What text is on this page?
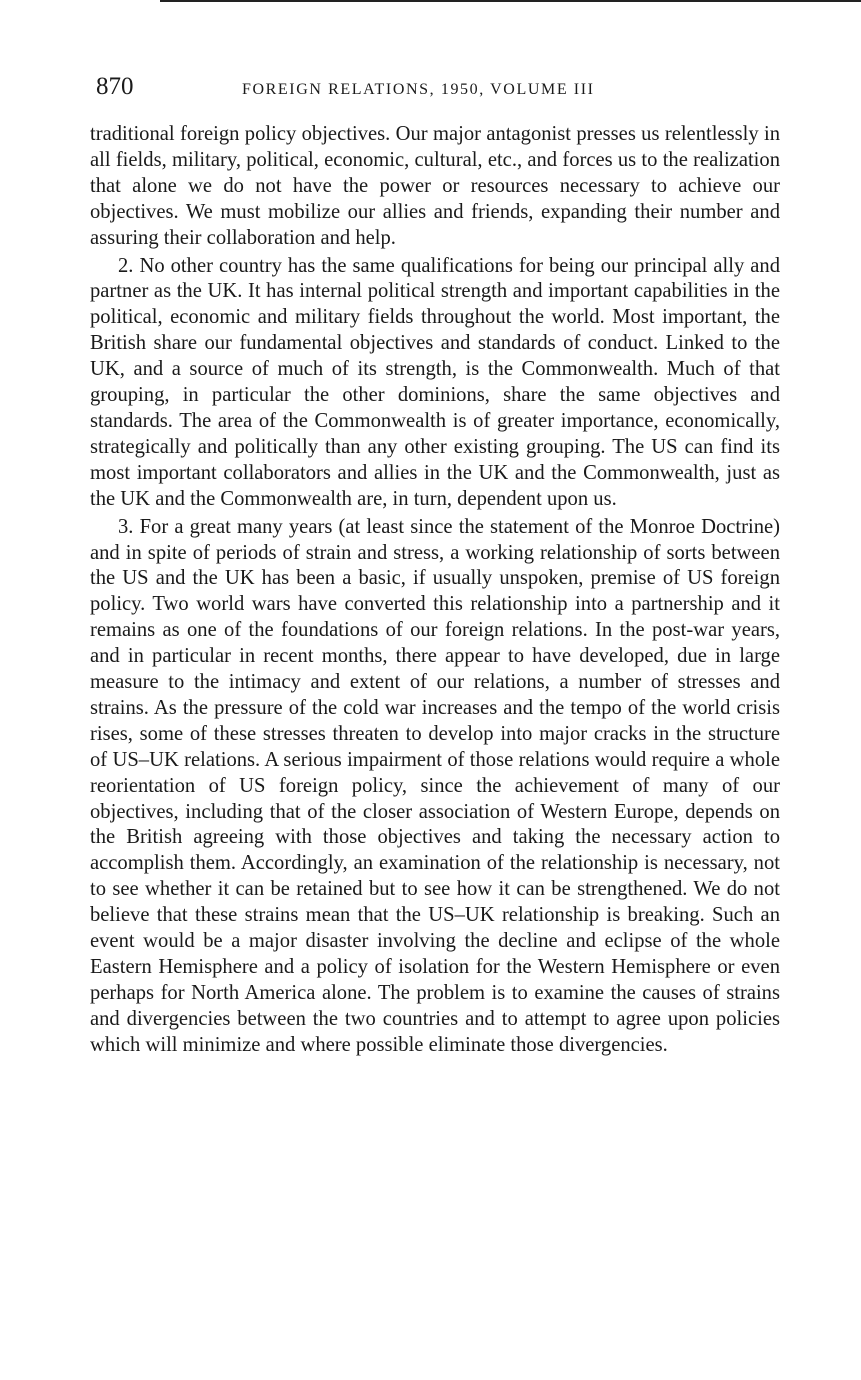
870	FOREIGN RELATIONS, 1950, VOLUME III

traditional foreign policy objectives. Our major antagonist presses us relentlessly in all fields, military, political, economic, cultural, etc., and forces us to the realization that alone we do not have the power or resources necessary to achieve our objectives. We must mobilize our allies and friends, expanding their number and assuring their collaboration and help.

2. No other country has the same qualifications for being our principal ally and partner as the UK. It has internal political strength and important capabilities in the political, economic and military fields throughout the world. Most important, the British share our fundamental objectives and standards of conduct. Linked to the UK, and a source of much of its strength, is the Commonwealth. Much of that grouping, in particular the other dominions, share the same objectives and standards. The area of the Commonwealth is of greater importance, economically, strategically and politically than any other existing grouping. The US can find its most important collaborators and allies in the UK and the Commonwealth, just as the UK and the Commonwealth are, in turn, dependent upon us.

3. For a great many years (at least since the statement of the Monroe Doctrine) and in spite of periods of strain and stress, a working relationship of sorts between the US and the UK has been a basic, if usually unspoken, premise of US foreign policy. Two world wars have converted this relationship into a partnership and it remains as one of the foundations of our foreign relations. In the post-war years, and in particular in recent months, there appear to have developed, due in large measure to the intimacy and extent of our relations, a number of stresses and strains. As the pressure of the cold war increases and the tempo of the world crisis rises, some of these stresses threaten to develop into major cracks in the structure of US–UK relations. A serious impairment of those relations would require a whole reorientation of US foreign policy, since the achievement of many of our objectives, including that of the closer association of Western Europe, depends on the British agreeing with those objectives and taking the necessary action to accomplish them. Accordingly, an examination of the relationship is necessary, not to see whether it can be retained but to see how it can be strengthened. We do not believe that these strains mean that the US–UK relationship is breaking. Such an event would be a major disaster involving the decline and eclipse of the whole Eastern Hemisphere and a policy of isolation for the Western Hemisphere or even perhaps for North America alone. The problem is to examine the causes of strains and divergencies between the two countries and to attempt to agree upon policies which will minimize and where possible eliminate those divergencies.
